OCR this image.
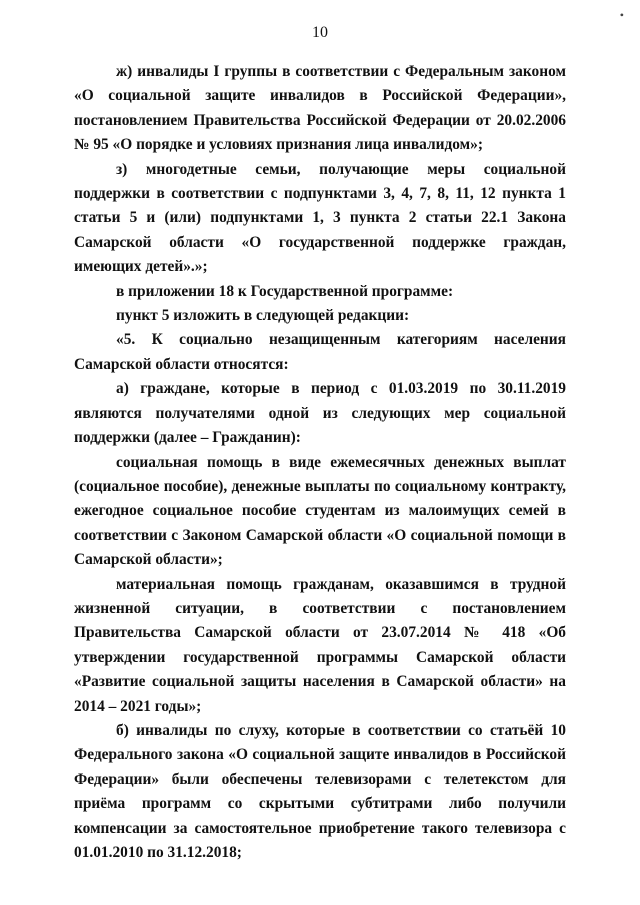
•
10

ж) инвалиды I группы в соответствии с Федеральным законом «О социальной защите инвалидов в Российской Федерации», постановлением Правительства Российской Федерации от 20.02.2006 № 95 «О порядке и условиях признания лица инвалидом»;

з) многодетные семьи, получающие меры социальной поддержки в соответствии с подпунктами 3, 4, 7, 8, 11, 12 пункта 1 статьи 5 и (или) подпунктами 1, 3 пункта 2 статьи 22.1 Закона Самарской области «О государственной поддержке граждан, имеющих детей».»;

в приложении 18 к Государственной программе:

пункт 5 изложить в следующей редакции:

«5. К социально незащищенным категориям населения Самарской области относятся:

а) граждане, которые в период с 01.03.2019 по 30.11.2019 являются получателями одной из следующих мер социальной поддержки (далее – Гражданин):

социальная помощь в виде ежемесячных денежных выплат (социальное пособие), денежные выплаты по социальному контракту, ежегодное социальное пособие студентам из малоимущих семей в соответствии с Законом Самарской области «О социальной помощи в Самарской области»;

материальная помощь гражданам, оказавшимся в трудной жизненной ситуации, в соответствии с постановлением Правительства Самарской области от 23.07.2014 № 418 «Об утверждении государственной программы Самарской области «Развитие социальной защиты населения в Самарской области» на 2014 – 2021 годы»;

б) инвалиды по слуху, которые в соответствии со статьёй 10 Федерального закона «О социальной защите инвалидов в Российской Федерации» были обеспечены телевизорами с телетекстом для приёма программ со скрытыми субтитрами либо получили компенсации за самостоятельное приобретение такого телевизора с 01.01.2010 по 31.12.2018;
